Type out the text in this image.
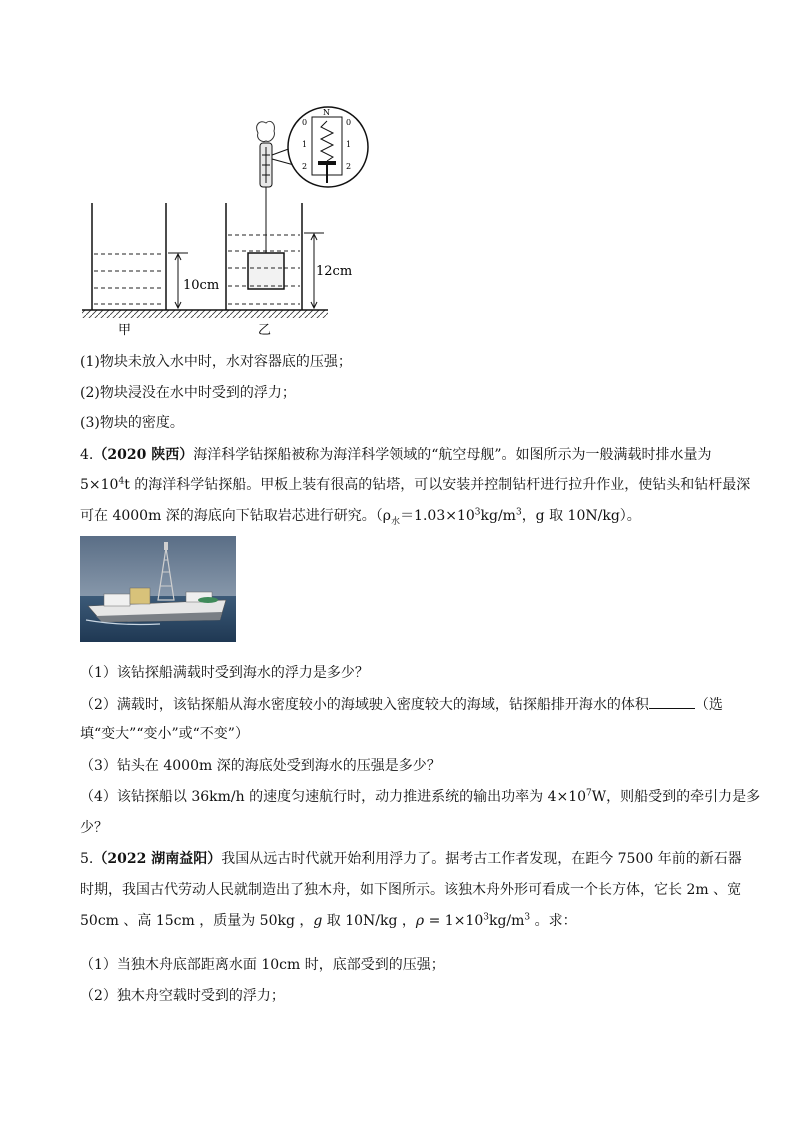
10cm
甲
12cm
乙
N
0
1
2
0
1
2
(1)物块未放入水中时，水对容器底的压强；
(2)物块浸没在水中时受到的浮力；
(3)物块的密度。
4.（2020 陕西）海洋科学钻探船被称为海洋科学领域的“航空母舰”。如图所示为一般满载时排水量为
$5\times 10^4t$ 的海洋科学钻探船。甲板上装有很高的钻塔，可以安装并控制钻杆进行拉升作业，使钻头和钻杆最深
可在 4000m 深的海底向下钻取岩芯进行研究。（$\rho_水=1.03\times 10^3kg/m^3$，g 取 10N/kg）。
（1）该钻探船满载时受到海水的浮力是多少？
（2）满载时，该钻探船从海水密度较小的海域驶入密度较大的海域，钻探船排开海水的体积	（选
填“变大”“变小”或“不变”）
（3）钻头在 4000m 深的海底处受到海水的压强是多少？
（4）该钻探船以 36km/h 的速度匀速航行时，动力推进系统的输出功率为 $4\times 10^7W$，则船受到的牵引力是多
少？
5.（2022 湖南益阳）我国从远古时代就开始利用浮力了。据考古工作者发现，在距今 7500 年前的新石器
时期，我国古代劳动人民就制造出了独木舟，如下图所示。该独木舟外形可看成一个长方体，它长 2m 、宽
50cm 、高 15cm ，质量为 50kg ，g 取 10N/kg ，$\rho = 1\times 10^3kg/m^3$ 。求：
（1）当独木舟底部距离水面 10cm 时，底部受到的压强；
（2）独木舟空载时受到的浮力；
